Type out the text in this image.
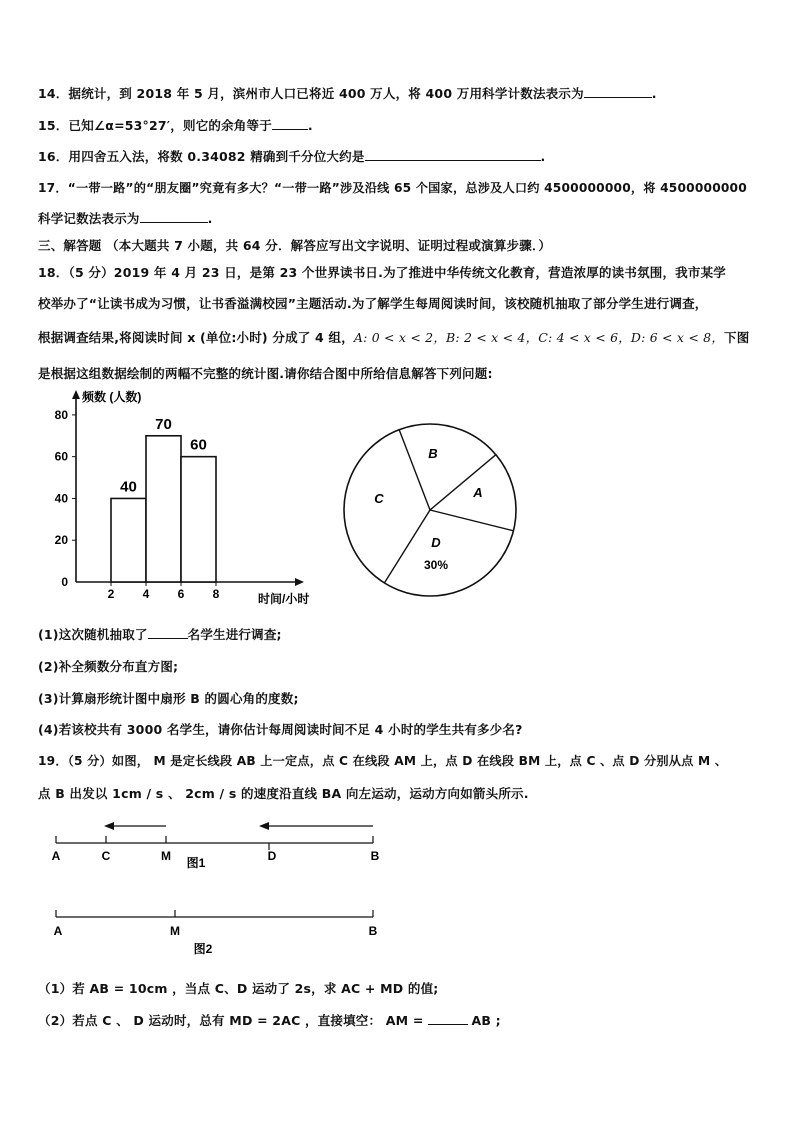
14．据统计，到 2018 年 5 月，滨州市人口已将近 400 万人，将 400 万用科学计数法表示为	.
15．已知∠α=53°27′，则它的余角等于	.
16．用四舍五入法，将数 0.34082 精确到千分位大约是	.
17．“一带一路”的“朋友圈”究竟有多大？“一带一路”涉及沿线 65 个国家，总涉及人口约 4500000000，将 4500000000
科学记数法表示为	.
三、解答题 （本大题共 7 小题，共 64 分．解答应写出文字说明、证明过程或演算步骤．）
18．（5 分）2019 年 4 月 23 日，是第 23 个世界读书日.为了推进中华传统文化教育，营造浓厚的读书氛围，我市某学
校举办了“让读书成为习惯，让书香溢满校园”主题活动.为了解学生每周阅读时间，该校随机抽取了部分学生进行调查，
根据调查结果,将阅读时间 x (单位:小时) 分成了 4 组，A: 0 < x < 2，B: 2 < x < 4，C: 4 < x < 6，D: 6 < x < 8，下图
是根据这组数据绘制的两幅不完整的统计图.请你结合图中所给信息解答下列问题:
频数 (人数)
时间/小时
0
20
40
60
80
2 4 6 8
40
70
60
A
B
C
D
30%
(1)这次随机抽取了	名学生进行调查;
(2)补全频数分布直方图;
(3)计算扇形统计图中扇形 B 的圆心角的度数;
(4)若该校共有 3000 名学生，请你估计每周阅读时间不足 4 小时的学生共有多少名?
19．（5 分）如图， M 是定长线段 AB 上一定点，点 C 在线段 AM 上，点 D 在线段 BM 上，点 C 、点 D 分别从点 M 、
点 B 出发以 1cm / s 、 2cm / s 的速度沿直线 BA 向左运动，运动方向如箭头所示.
A	C	M	D	B
图1
A	M	B
图2
（1）若 AB = 10cm ，当点 C、D 运动了 2s，求 AC + MD 的值;
（2）若点 C 、 D 运动时，总有 MD = 2AC ，直接填空： AM =	AB ;
